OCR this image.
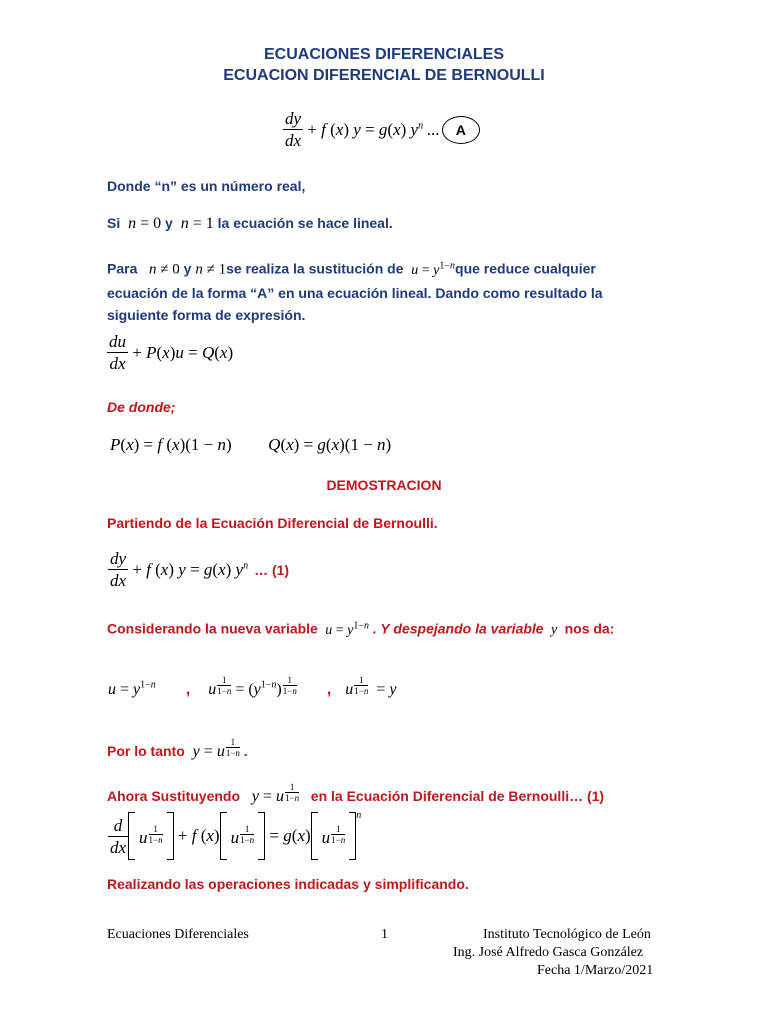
ECUACIONES DIFERENCIALES
ECUACION DIFERENCIAL DE BERNOULLI
$\frac{dy}{dx} + f$ (x) y = g(x) $y^n$ ...	A
Donde “n” es un número real,
Si  n = 0 y  n = 1 la ecuación se hace lineal.
Para n ≠ 0 y n ≠ 1se realiza la sustitución de $u = y^{1-n}que$ reduce cualquier
ecuación de la forma “A” en una ecuación lineal. Dando como resultado la
siguiente forma de expresión.
$\frac{du}{dx} + P(x)u = Q(x)$
De donde;
P(x) = f (x)(1 − n)  Q(x) = g(x)(1 − n)
DEMOSTRACION
Partiendo de la Ecuación Diferencial de Bernoulli.
$\frac{dy}{dx} + f$ (x) y = g(x) $y^n$ … (1)
Considerando la nueva variable  $u = y^{1-n}$ . Y despejando la variable  y  nos da:
$u = y^{1-n}$ , u $\frac{1}{1-n} = (y^{1-n}) \frac{1}{1-n}$ , u $\frac{1}{1-n} = y$
Por lo tanto  y = u $\frac{1}{1-n}$ .
Ahora Sustituyendo   y = u $\frac{1}{1-n}$ en la Ecuación Diferencial de Bernoulli… (1)
$\frac{d}{dx}$ u $\frac{1}{1-n} + f$ (x) u $\frac{1}{1-n} = g(x)$ u $\frac{1}{1-n}$
$^n$
Realizando las operaciones indicadas y simplificando.
Ecuaciones Diferenciales	1	Instituto Tecnológico de León
Ing. José Alfredo Gasca González
Fecha 1/Marzo/2021
